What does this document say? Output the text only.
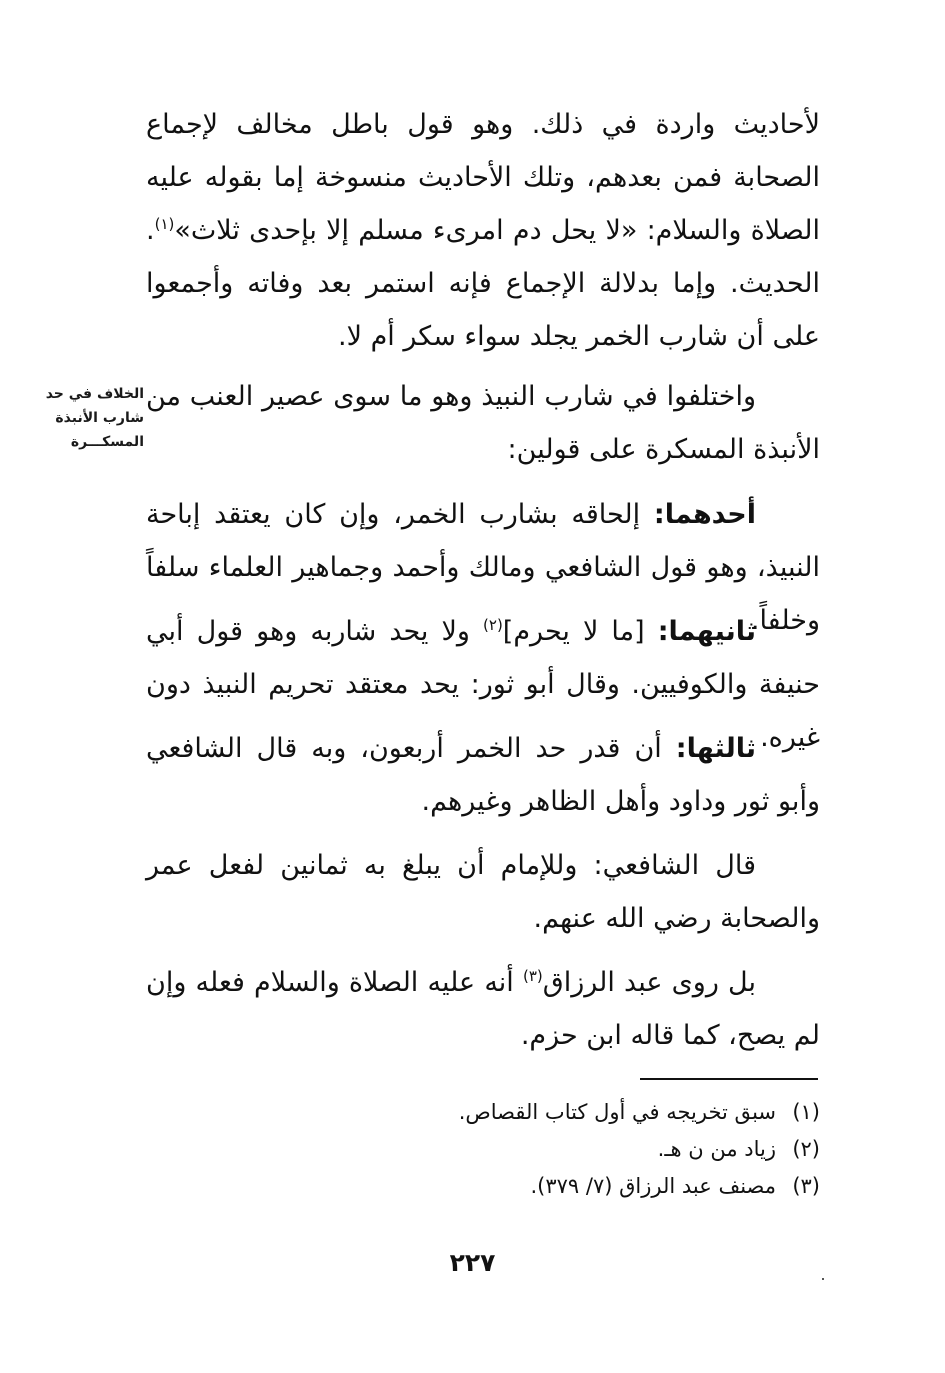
لأحاديث واردة في ذلك. وهو قول باطل مخالف لإجماع الصحابة فمن بعدهم، وتلك الأحاديث منسوخة إما بقوله عليه الصلاة والسلام: «لا يحل دم امرىء مسلم إلا بإحدى ثلاث»$^{(١)}$. الحديث. وإما بدلالة الإجماع فإنه استمر بعد وفاته وأجمعوا على أن شارب الخمر يجلد سواء سكر أم لا.

واختلفوا في شارب النبيذ وهو ما سوى عصير العنب من الأنبذة المسكرة على قولين:

الخلاف في حد
شارب الأنبذة
المسكـــرة

أحدهما: إلحاقه بشارب الخمر، وإن كان يعتقد إباحة النبيذ، وهو قول الشافعي ومالك وأحمد وجماهير العلماء سلفاً وخلفاً.

ثانيهما: [ما لا يحرم]$^{(٢)}$ ولا يحد شاربه وهو قول أبي حنيفة والكوفيين. وقال أبو ثور: يحد معتقد تحريم النبيذ دون غيره.

ثالثها: أن قدر حد الخمر أربعون، وبه قال الشافعي وأبو ثور وداود وأهل الظاهر وغيرهم.

قال الشافعي: وللإمام أن يبلغ به ثمانين لفعل عمر والصحابة رضي الله عنهم.

بل روى عبد الرزاق$^{(٣)}$ أنه عليه الصلاة والسلام فعله وإن لم يصح، كما قاله ابن حزم.

(١)سبق تخريجه في أول كتاب القصاص.
(٢)زياد من ن هـ.
(٣)مصنف عبد الرزاق (٧/ ٣٧٩).
٢٢٧
